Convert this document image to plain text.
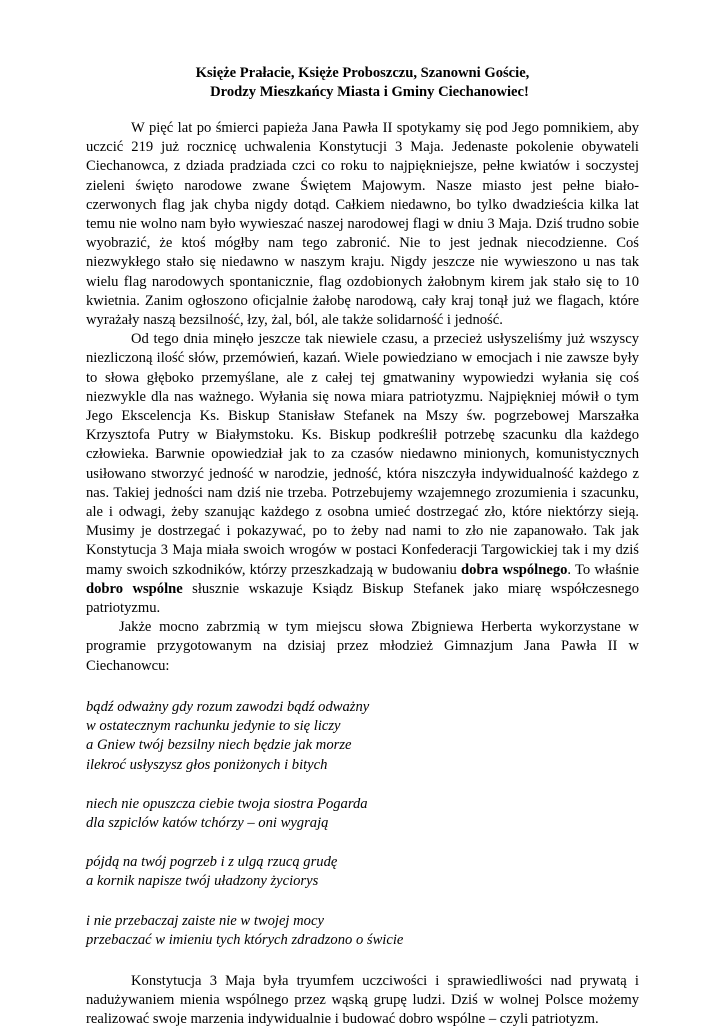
Księże Prałacie, Księże Proboszczu, Szanowni Goście,
Drodzy Mieszkańcy Miasta i Gminy Ciechanowiec!

W pięć lat po śmierci papieża Jana Pawła II spotykamy się pod Jego pomnikiem, aby uczcić 219 już rocznicę uchwalenia Konstytucji 3 Maja. Jedenaste pokolenie obywateli Ciechanowca, z dziada pradziada czci co roku to najpiękniejsze, pełne kwiatów i soczystej zieleni święto narodowe zwane Świętem Majowym. Nasze miasto jest pełne biało-czerwonych flag jak chyba nigdy dotąd. Całkiem niedawno, bo tylko dwadzieścia kilka lat temu nie wolno nam było wywieszać naszej narodowej flagi w dniu 3 Maja. Dziś trudno sobie wyobrazić, że ktoś mógłby nam tego zabronić. Nie to jest jednak niecodzienne. Coś niezwykłego stało się niedawno w naszym kraju. Nigdy jeszcze nie wywieszono u nas tak wielu flag narodowych spontanicznie, flag ozdobionych żałobnym kirem jak stało się to 10 kwietnia. Zanim ogłoszono oficjalnie żałobę narodową, cały kraj tonął już we flagach, które wyrażały naszą bezsilność, łzy, żal, ból, ale także solidarność i jedność.

Od tego dnia minęło jeszcze tak niewiele czasu, a przecież usłyszeliśmy już wszyscy niezliczoną ilość słów, przemówień, kazań. Wiele powiedziano w emocjach i nie zawsze były to słowa głęboko przemyślane, ale z całej tej gmatwaniny wypowiedzi wyłania się coś niezwykle dla nas ważnego. Wyłania się nowa miara patriotyzmu. Najpiękniej mówił o tym Jego Ekscelencja Ks. Biskup Stanisław Stefanek na Mszy św. pogrzebowej Marszałka Krzysztofa Putry w Białymstoku. Ks. Biskup podkreślił potrzebę szacunku dla każdego człowieka. Barwnie opowiedział jak to za czasów niedawno minionych, komunistycznych usiłowano stworzyć jedność w narodzie, jedność, która niszczyła indywidualność każdego z nas. Takiej jedności nam dziś nie trzeba. Potrzebujemy wzajemnego zrozumienia i szacunku, ale i odwagi, żeby szanując każdego z osobna umieć dostrzegać zło, które niektórzy sieją. Musimy je dostrzegać i pokazywać, po to żeby nad nami to zło nie zapanowało. Tak jak Konstytucja 3 Maja miała swoich wrogów w postaci Konfederacji Targowickiej tak i my dziś mamy swoich szkodników, którzy przeszkadzają w budowaniu dobra wspólnego. To właśnie dobro wspólne słusznie wskazuje Ksiądz Biskup Stefanek jako miarę współczesnego patriotyzmu.

Jakże mocno zabrzmią w tym miejscu słowa Zbigniewa Herberta wykorzystane w programie przygotowanym na dzisiaj przez młodzież Gimnazjum Jana Pawła II w Ciechanowcu:

bądź odważny gdy rozum zawodzi bądź odważny
w ostatecznym rachunku jedynie to się liczy
a Gniew twój bezsilny niech będzie jak morze
ilekroć usłyszysz głos poniżonych i bitych
niech nie opuszcza ciebie twoja siostra Pogarda
dla szpiclów katów tchórzy – oni wygrają
pójdą na twój pogrzeb i z ulgą rzucą grudę
a kornik napisze twój uładzony życiorys
i nie przebaczaj zaiste nie w twojej mocy
przebaczać w imieniu tych których zdradzono o świcie

Konstytucja 3 Maja była tryumfem uczciwości i sprawiedliwości nad prywatą i nadużywaniem mienia wspólnego przez wąską grupę ludzi. Dziś w wolnej Polsce możemy realizować swoje marzenia indywidualnie i budować dobro wspólne – czyli patriotyzm.
